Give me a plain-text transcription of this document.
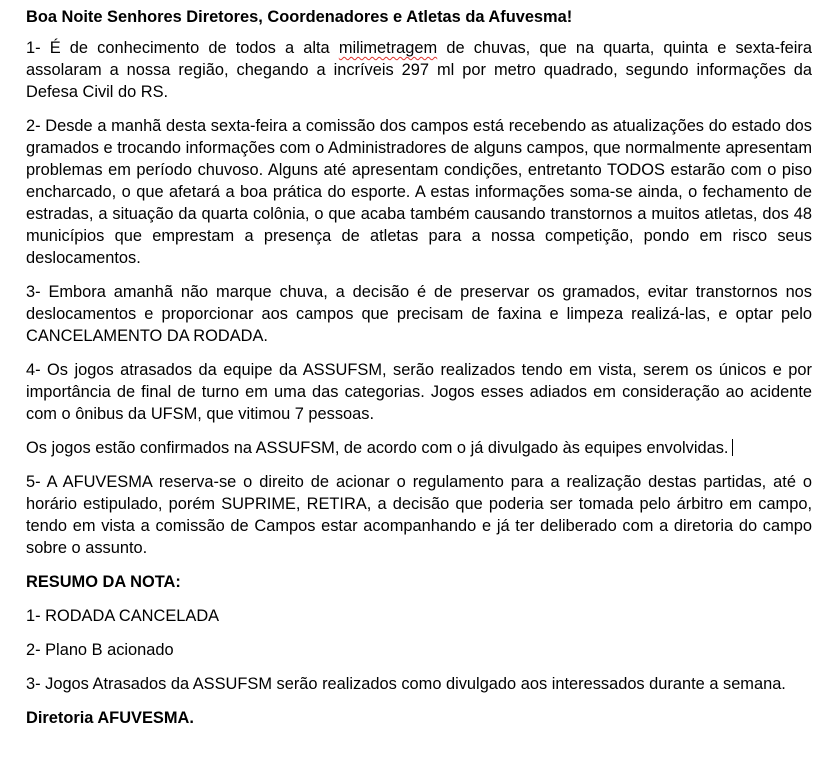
Boa Noite Senhores Diretores, Coordenadores e Atletas da Afuvesma!

1- É de conhecimento de todos a alta milimetragem de chuvas, que na quarta, quinta e sexta-feira assolaram a nossa região, chegando a incríveis 297 ml por metro quadrado, segundo informações da Defesa Civil do RS.

2- Desde a manhã desta sexta-feira a comissão dos campos está recebendo as atualizações do estado dos gramados e trocando informações com o Administradores de alguns campos, que normalmente apresentam problemas em período chuvoso. Alguns até apresentam condições, entretanto TODOS estarão com o piso encharcado, o que afetará a boa prática do esporte. A estas informações soma-se ainda, o fechamento de estradas, a situação da quarta colônia, o que acaba também causando transtornos a muitos atletas, dos 48 municípios que emprestam a presença de atletas para a nossa competição, pondo em risco seus deslocamentos.

3- Embora amanhã não marque chuva, a decisão é de preservar os gramados, evitar transtornos nos deslocamentos e proporcionar aos campos que precisam de faxina e limpeza realizá-las, e optar pelo CANCELAMENTO DA RODADA.

4- Os jogos atrasados da equipe da ASSUFSM, serão realizados tendo em vista, serem os únicos e por importância de final de turno em uma das categorias. Jogos esses adiados em consideração ao acidente com o ônibus da UFSM, que vitimou 7 pessoas.

Os jogos estão confirmados na ASSUFSM, de acordo com o já divulgado às equipes envolvidas.

5- A AFUVESMA reserva-se o direito de acionar o regulamento para a realização destas partidas, até o horário estipulado, porém SUPRIME, RETIRA, a decisão que poderia ser tomada pelo árbitro em campo, tendo em vista a comissão de Campos estar acompanhando e já ter deliberado com a diretoria do campo sobre o assunto.

RESUMO DA NOTA:

1- RODADA CANCELADA

2- Plano B acionado

3- Jogos Atrasados da ASSUFSM serão realizados como divulgado aos interessados durante a semana.

Diretoria AFUVESMA.
